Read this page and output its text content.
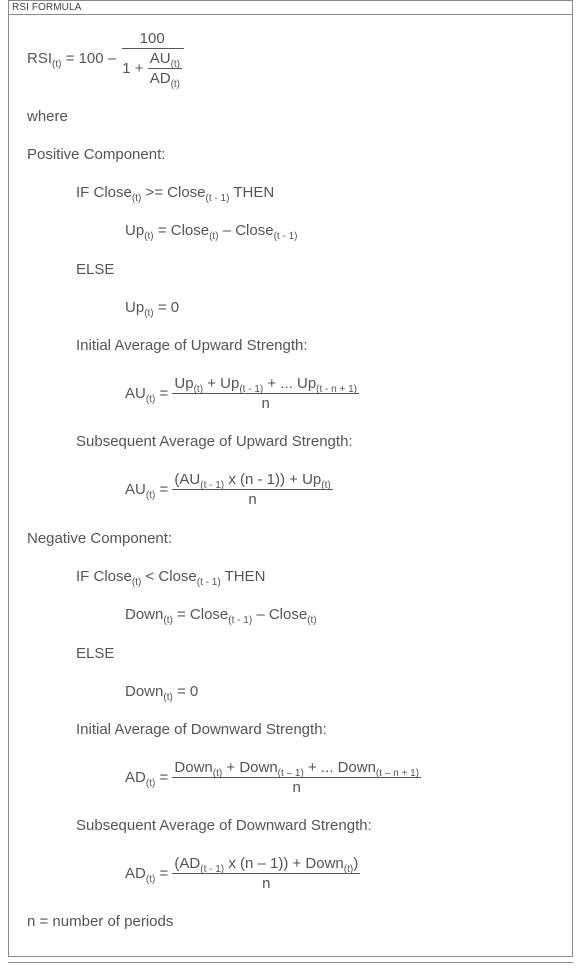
RSI FORMULA
$RSI_{(t)} = 100 - \frac{100}{1 + \frac{AU_{(t)}}{AD_{(t)}}}$
where
Positive Component:
IF Close$_{(t)}$ >= Close$_{(t - 1)}$ THEN
$Up_{(t)}$ = Close$_{(t)}$ – Close$_{(t - 1)}$
ELSE
$Up_{(t)} = 0$
Initial Average of Upward Strength:
$AU_{(t)} = \frac{Up_{(t)} + Up_{(t - 1)} + ... Up_{(t - n + 1)}}{n}$
Subsequent Average of Upward Strength:
$AU_{(t)} = \frac{(AU_{(t - 1)} x (n - 1)) + Up_{(t)}}{n}$
Negative Component:
IF Close$_{(t)}$ < Close$_{(t - 1)}$ THEN
Down$_{(t)}$ = Close$_{(t - 1)}$ – Close$_{(t)}$
ELSE
Down$_{(t)}$ = 0
Initial Average of Downward Strength:
$AD_{(t)} = \frac{Down_{(t)} + Down_{(t - 1)} + ... Down_{(t - n + 1)}}{n}$
Subsequent Average of Downward Strength:
$AD_{(t)} = \frac{(AD_{(t - 1)} x (n - 1)) + Down_{(t)})}{n}$
n = number of periods
